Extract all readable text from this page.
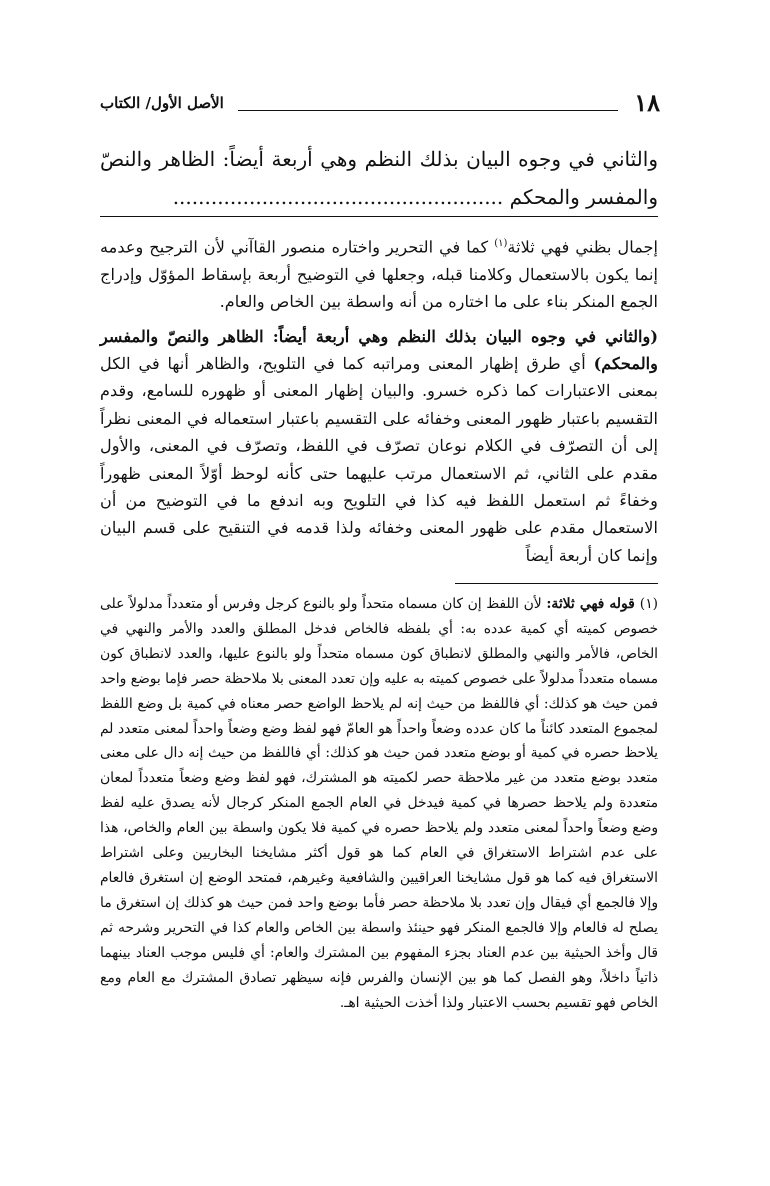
١٨
الأصل الأول/ الكتاب
والثاني في وجوه البيان بذلك النظم وهي أربعة أيضاً: الظاهر والنصّ والمفسر والمحكم ....................................................

إجمال بظني فهي ثلاثة$^{(١)}$ كما في التحرير واختاره منصور القاآني لأن الترجيح وعدمه إنما يكون بالاستعمال وكلامنا قبله، وجعلها في التوضيح أربعة بإسقاط المؤوّل وإدراج الجمع المنكر بناء على ما اختاره من أنه واسطة بين الخاص والعام.

(والثاني في وجوه البيان بذلك النظم وهي أربعة أيضاً: الظاهر والنصّ والمفسر والمحكم) أي طرق إظهار المعنى ومراتبه كما في التلويح، والظاهر أنها في الكل بمعنى الاعتبارات كما ذكره خسرو. والبيان إظهار المعنى أو ظهوره للسامع، وقدم التقسيم باعتبار ظهور المعنى وخفائه على التقسيم باعتبار استعماله في المعنى نظراً إلى أن التصرّف في الكلام نوعان تصرّف في اللفظ، وتصرّف في المعنى، والأول مقدم على الثاني، ثم الاستعمال مرتب عليهما حتى كأنه لوحظ أوّلاً المعنى ظهوراً وخفاءً ثم استعمل اللفظ فيه كذا في التلويح وبه اندفع ما في التوضيح من أن الاستعمال مقدم على ظهور المعنى وخفائه ولذا قدمه في التنقيح على قسم البيان وإنما كان أربعة أيضاً

(١) قوله فهي ثلاثة: لأن اللفظ إن كان مسماه متحداً ولو بالنوع كرجل وفرس أو متعدداً مدلولاً على خصوص كميته أي كمية عدده به: أي بلفظه فالخاص فدخل المطلق والعدد والأمر والنهي في الخاص، فالأمر والنهي والمطلق لانطباق كون مسماه متحداً ولو بالنوع عليها، والعدد لانطباق كون مسماه متعدداً مدلولاً على خصوص كميته به عليه وإن تعدد المعنى بلا ملاحظة حصر فإما بوضع واحد فمن حيث هو كذلك: أي فاللفظ من حيث إنه لم يلاحظ الواضع حصر معناه في كمية بل وضع اللفظ لمجموع المتعدد كائناً ما كان عدده وضعاً واحداً هو العامّ فهو لفظ وضع وضعاً واحداً لمعنى متعدد لم يلاحظ حصره في كمية أو بوضع متعدد فمن حيث هو كذلك: أي فاللفظ من حيث إنه دال على معنى متعدد بوضع متعدد من غير ملاحظة حصر لكميته هو المشترك، فهو لفظ وضع وضعاً متعدداً لمعان متعددة ولم يلاحظ حصرها في كمية فيدخل في العام الجمع المنكر كرجال لأنه يصدق عليه لفظ وضع وضعاً واحداً لمعنى متعدد ولم يلاحظ حصره في كمية فلا يكون واسطة بين العام والخاص، هذا على عدم اشتراط الاستغراق في العام كما هو قول أكثر مشايخنا البخاريين وعلى اشتراط الاستغراق فيه كما هو قول مشايخنا العراقيين والشافعية وغيرهم، فمتحد الوضع إن استغرق فالعام وإلا فالجمع أي فيقال وإن تعدد بلا ملاحظة حصر فأما بوضع واحد فمن حيث هو كذلك إن استغرق ما يصلح له فالعام وإلا فالجمع المنكر فهو حينئذ واسطة بين الخاص والعام كذا في التحرير وشرحه ثم قال وأخذ الحيثية بين عدم العناد بجزء المفهوم بين المشترك والعام: أي فليس موجب العناد بينهما ذاتياً داخلاً، وهو الفصل كما هو بين الإنسان والفرس فإنه سيظهر تصادق المشترك مع العام ومع الخاص فهو تقسيم بحسب الاعتبار ولذا أخذت الحيثية اهـ.
